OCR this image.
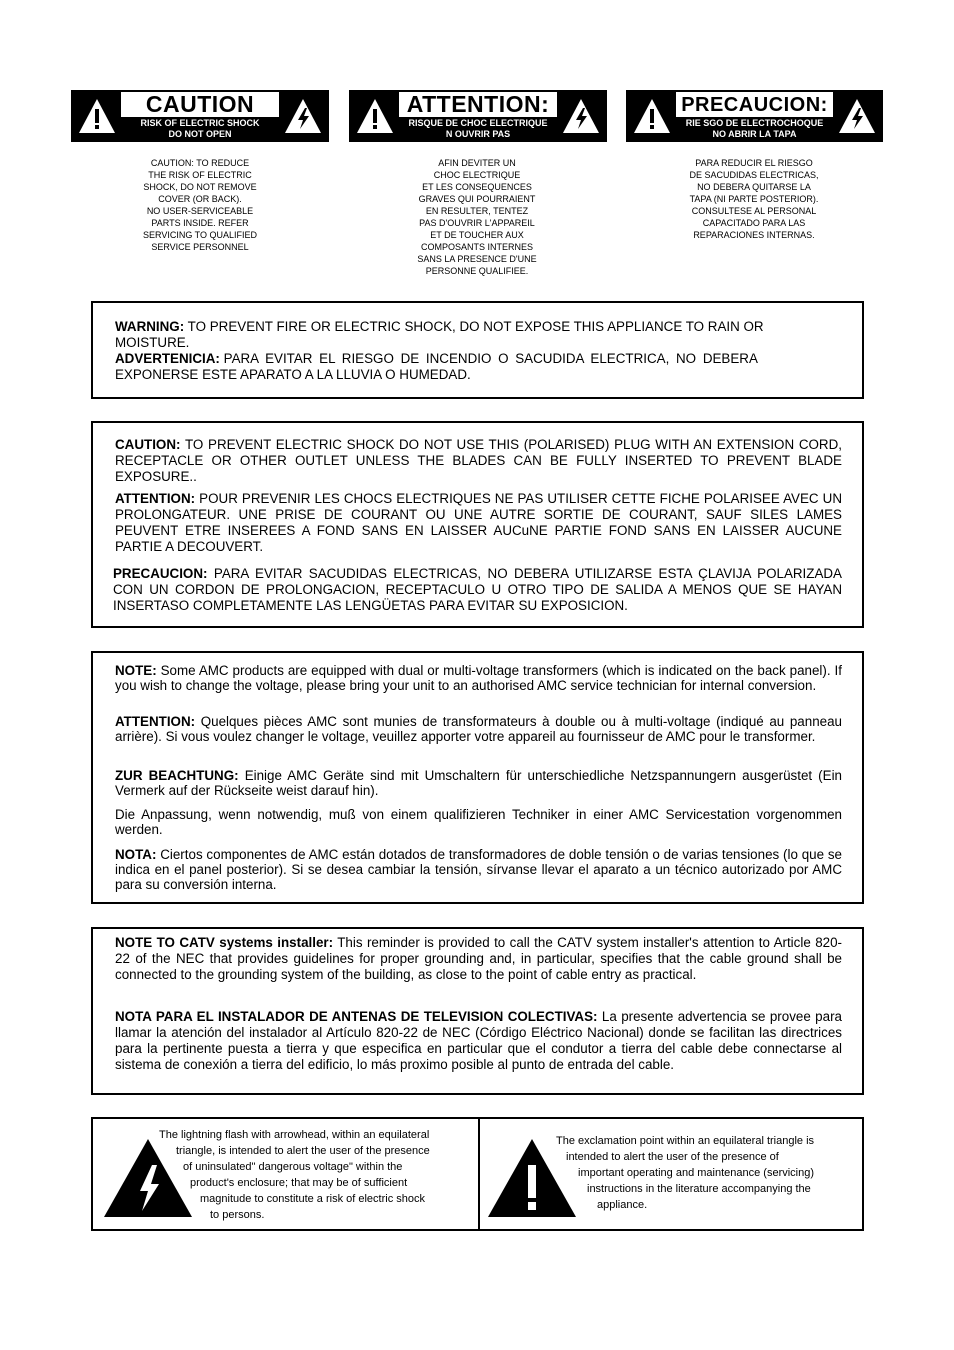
CAUTION
RISK OF ELECTRIC SHOCK
DO NOT OPEN
ATTENTION:
RISQUE DE CHOC ELECTRIQUE
N OUVRIR PAS
PRECAUCION:
RIE SGO DE ELECTROCHOQUE
NO ABRIR LA TAPA
CAUTION: TO REDUCE
THE RISK OF ELECTRIC
SHOCK, DO NOT REMOVE
COVER (OR BACK).
NO USER-SERVICEABLE
PARTS INSIDE. REFER
SERVICING TO QUALIFIED
SERVICE PERSONNEL
AFIN DEVITER UN
CHOC ELECTRIQUE
ET LES CONSEQUENCES
GRAVES QUI POURRAIENT
EN RESULTER, TENTEZ
PAS D'OUVRIR L'APPAREIL
ET DE TOUCHER AUX
COMPOSANTS INTERNES
SANS LA PRESENCE D'UNE
PERSONNE QUALIFIEE.
PARA REDUCIR EL RIESGO
DE SACUDIDAS ELECTRICAS,
NO DEBERA QUITARSE LA
TAPA (NI PARTE POSTERIOR).
CONSULTESE AL PERSONAL
CAPACITADO PARA LAS
REPARACIONES INTERNAS.

WARNING: TO PREVENT FIRE OR ELECTRIC SHOCK, DO NOT EXPOSE THIS APPLIANCE TO RAIN OR
MOISTURE.

ADVERTENICIA: PARA EVITAR EL RIESGO DE INCENDIO O SACUDIDA ELECTRICA, NO DEBERA
EXPONERSE ESTE APARATO A LA LLUVIA O HUMEDAD.

CAUTION: TO PREVENT ELECTRIC SHOCK DO NOT USE THIS (POLARISED) PLUG WITH AN EXTENSION CORD, RECEPTACLE OR OTHER OUTLET UNLESS THE BLADES CAN BE FULLY INSERTED TO PREVENT BLADE EXPOSURE..

ATTENTION: POUR PREVENIR LES CHOCS ELECTRIQUES NE PAS UTILISER CETTE FICHE POLARISEE AVEC UN PROLONGATEUR. UNE PRISE DE COURANT OU UNE AUTRE SORTIE DE COURANT, SAUF SILES LAMES PEUVENT ETRE INSEREES A FOND SANS EN LAISSER AUCuNE PARTIE FOND SANS EN LAISSER AUCUNE PARTIE A DECOUVERT.

PRECAUCION: PARA EVITAR SACUDIDAS ELECTRICAS, NO DEBERA UTILIZARSE ESTA ÇLAVIJA POLARIZADA CON UN CORDON DE PROLONGACION, RECEPTACULO U OTRO TIPO DE SALIDA A MENOS QUE SE HAYAN INSERTASO COMPLETAMENTE LAS LENGÜETAS PARA EVITAR SU EXPOSICION.

NOTE: Some AMC products are equipped with dual or multi-voltage transformers (which is indicated on the back panel). If you wish to change the voltage, please bring your unit to an authorised AMC service technician for internal conversion.

ATTENTION: Quelques pièces AMC sont munies de transformateurs à double ou à multi-voltage (indiqué au panneau arrière). Si vous voulez changer le voltage, veuillez apporter votre appareil au fournisseur de AMC pour le transformer.

ZUR BEACHTUNG: Einige AMC Geräte sind mit Umschaltern für unterschiedliche Netzspannungern ausgerüstet (Ein Vermerk auf der Rückseite weist darauf hin).

Die Anpassung, wenn notwendig, muß von einem qualifizieren Techniker in einer AMC Servicestation vorgenommen werden.

NOTA: Ciertos componentes de AMC están dotados de transformadores de doble tensión o de varias tensiones (lo que se indica en el panel posterior). Si se desea cambiar la tensión, sírvanse llevar el aparato a un técnico autorizado por AMC para su conversión interna.

NOTE TO CATV systems installer: This reminder is provided to call the CATV system installer's attention to Article 820-22 of the NEC that provides guidelines for proper grounding and, in particular, specifies that the cable ground shall be connected to the grounding system of the building, as close to the point of cable entry as practical.

NOTA PARA EL INSTALADOR DE ANTENAS DE TELEVISION COLECTIVAS: La presente advertencia se provee para llamar la atención del instalador al Artículo 820-22 de NEC (Córdigo Eléctrico Nacional) donde se facilitan las directrices para la pertinente puesta a tierra y que especifica en particular que el condutor a tierra del cable debe connectarse al sistema de conexión a tierra del edificio, lo más proximo posible al punto de entrada del cable.

The lightning flash with arrowhead, within an equilateral
triangle, is intended to alert the user of the presence
of uninsulated" dangerous voltage" within the
product's enclosure; that may be of sufficient
magnitude to constitute a risk of electric shock
to persons.
The exclamation point within an equilateral triangle is
intended to alert the user of the presence of
important operating and maintenance (servicing)
instructions in the literature accompanying the
appliance.
